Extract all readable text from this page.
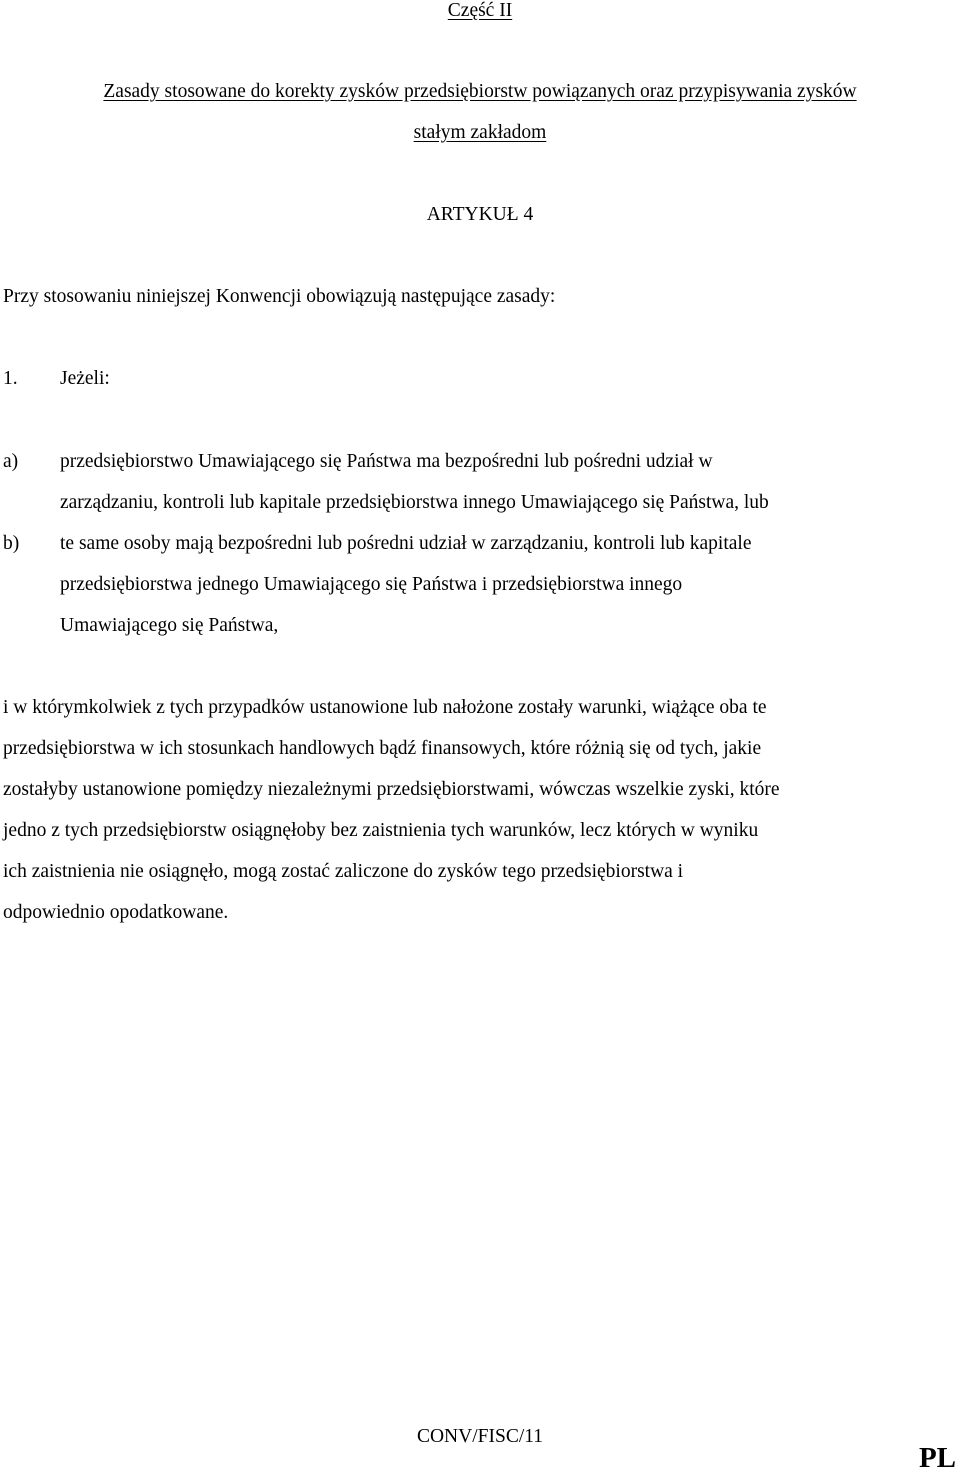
Część II
Zasady stosowane do korekty zysków przedsiębiorstw powiązanych oraz przypisywania zysków
stałym zakładom
ARTYKUŁ 4
Przy stosowaniu niniejszej Konwencji obowiązują następujące zasady:
1. Jeżeli:
a) przedsiębiorstwo Umawiającego się Państwa ma bezpośredni lub pośredni udział w
zarządzaniu, kontroli lub kapitale przedsiębiorstwa innego Umawiającego się Państwa, lub
b) te same osoby mają bezpośredni lub pośredni udział w zarządzaniu, kontroli lub kapitale
przedsiębiorstwa jednego Umawiającego się Państwa i przedsiębiorstwa innego
Umawiającego się Państwa,
i w którymkolwiek z tych przypadków ustanowione lub nałożone zostały warunki, wiążące oba te
przedsiębiorstwa w ich stosunkach handlowych bądź finansowych, które różnią się od tych, jakie
zostałyby ustanowione pomiędzy niezależnymi przedsiębiorstwami, wówczas wszelkie zyski, które
jedno z tych przedsiębiorstw osiągnęłoby bez zaistnienia tych warunków, lecz których w wyniku
ich zaistnienia nie osiągnęło, mogą zostać zaliczone do zysków tego przedsiębiorstwa i
odpowiednio opodatkowane.
CONV/FISC/11
PL
